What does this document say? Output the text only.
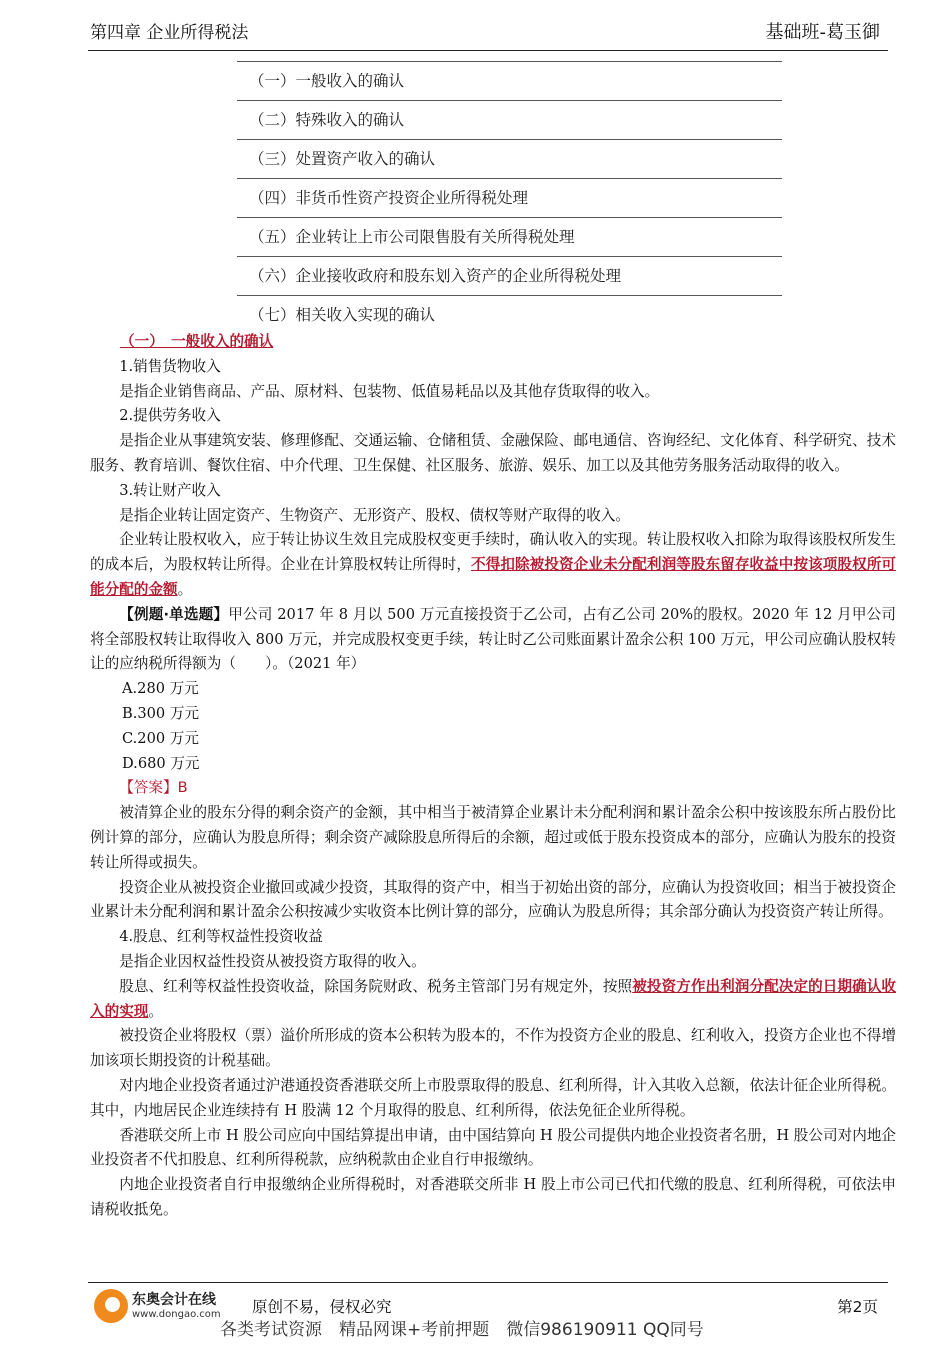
第四章 企业所得税法	基础班-葛玉御
（一）一般收入的确认
（二）特殊收入的确认
（三）处置资产收入的确认
（四）非货币性资产投资企业所得税处理
（五）企业转让上市公司限售股有关所得税处理
（六）企业接收政府和股东划入资产的企业所得税处理
（七）相关收入实现的确认

（一）　一般收入的确认

1.销售货物收入

是指企业销售商品、产品、原材料、包装物、低值易耗品以及其他存货取得的收入。

2.提供劳务收入

是指企业从事建筑安装、修理修配、交通运输、仓储租赁、金融保险、邮电通信、咨询经纪、文化体育、科学研究、技术服务、教育培训、餐饮住宿、中介代理、卫生保健、社区服务、旅游、娱乐、加工以及其他劳务服务活动取得的收入。

3.转让财产收入

是指企业转让固定资产、生物资产、无形资产、股权、债权等财产取得的收入。

企业转让股权收入，应于转让协议生效且完成股权变更手续时，确认收入的实现。转让股权收入扣除为取得该股权所发生的成本后，为股权转让所得。企业在计算股权转让所得时，不得扣除被投资企业未分配利润等股东留存收益中按该项股权所可能分配的金额。

【例题·单选题】甲公司 2017 年 8 月以 500 万元直接投资于乙公司，占有乙公司 20%的股权。2020 年 12 月甲公司将全部股权转让取得收入 800 万元，并完成股权变更手续，转让时乙公司账面累计盈余公积 100 万元，甲公司应确认股权转让的应纳税所得额为（　　）。（2021 年）

A.280 万元

B.300 万元

C.200 万元

D.680 万元

【答案】B

被清算企业的股东分得的剩余资产的金额，其中相当于被清算企业累计未分配利润和累计盈余公积中按该股东所占股份比例计算的部分，应确认为股息所得；剩余资产减除股息所得后的余额，超过或低于股东投资成本的部分，应确认为股东的投资转让所得或损失。

投资企业从被投资企业撤回或减少投资，其取得的资产中，相当于初始出资的部分，应确认为投资收回；相当于被投资企业累计未分配利润和累计盈余公积按减少实收资本比例计算的部分，应确认为股息所得；其余部分确认为投资资产转让所得。

4.股息、红利等权益性投资收益

是指企业因权益性投资从被投资方取得的收入。

股息、红利等权益性投资收益，除国务院财政、税务主管部门另有规定外，按照被投资方作出利润分配决定的日期确认收入的实现。

被投资企业将股权（票）溢价所形成的资本公积转为股本的，不作为投资方企业的股息、红利收入，投资方企业也不得增加该项长期投资的计税基础。

对内地企业投资者通过沪港通投资香港联交所上市股票取得的股息、红利所得，计入其收入总额，依法计征企业所得税。其中，内地居民企业连续持有 H 股满 12 个月取得的股息、红利所得，依法免征企业所得税。

香港联交所上市 H 股公司应向中国结算提出申请，由中国结算向 H 股公司提供内地企业投资者名册，H 股公司对内地企业投资者不代扣股息、红利所得税款，应纳税款由企业自行申报缴纳。

内地企业投资者自行申报缴纳企业所得税时，对香港联交所非 H 股上市公司已代扣代缴的股息、红利所得税，可依法申请税收抵免。

东奥会计在线
www.dongao.com 原创不易，侵权必究	第2页
各类考试资源　精品网课+考前押题　微信986190911 QQ同号
